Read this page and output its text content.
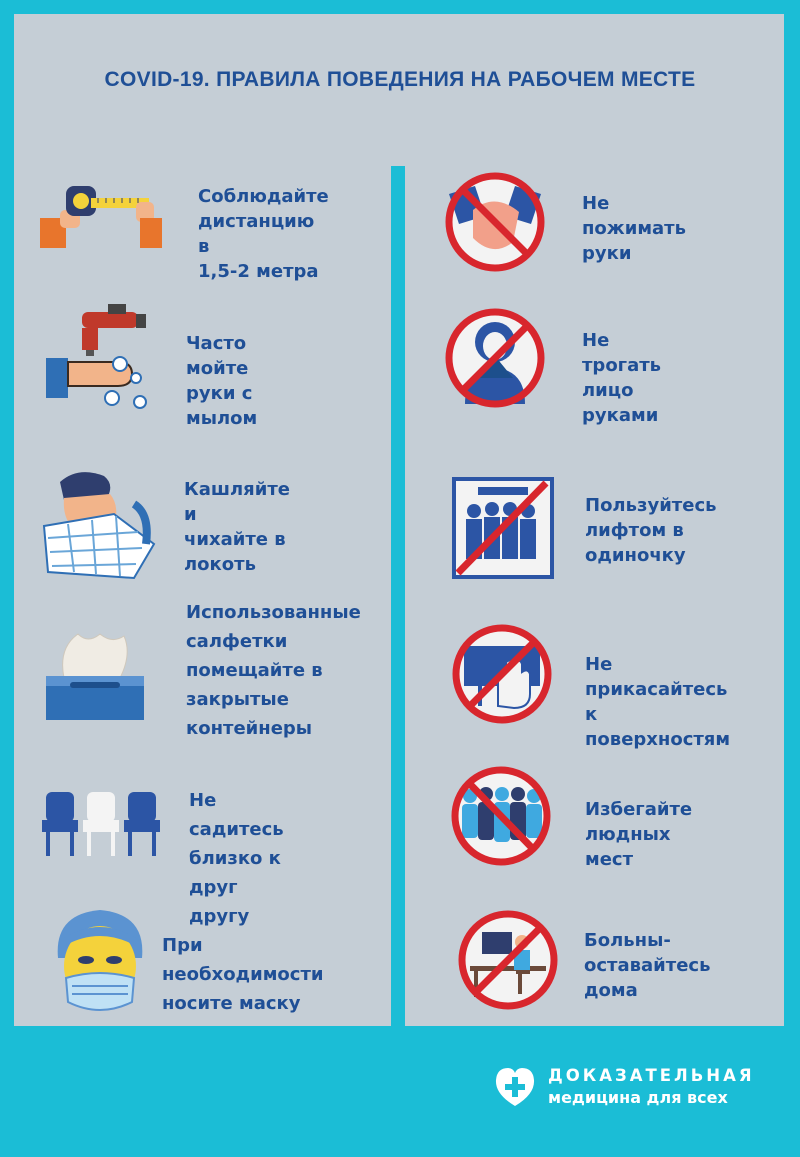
COVID-19. ПРАВИЛА ПОВЕДЕНИЯ НА РАБОЧЕМ МЕСТЕ
Соблюдайте
дистанцию в
1,5-2 метра
Часто мойте
руки с мылом
Кашляйте и
чихайте в локоть
Использованные
салфетки
помещайте в
закрытые
контейнеры
Не садитесь
близко к друг
другу
При необходимости
носите маску
Не пожимать
руки
Не трогать
лицо руками
Пользуйтесь
лифтом в
одиночку
Не прикасайтесь
к поверхностям
Избегайте
людных мест
Больны-
оставайтесь дома
ДОКАЗАТЕЛЬНАЯ
медицина для всех
